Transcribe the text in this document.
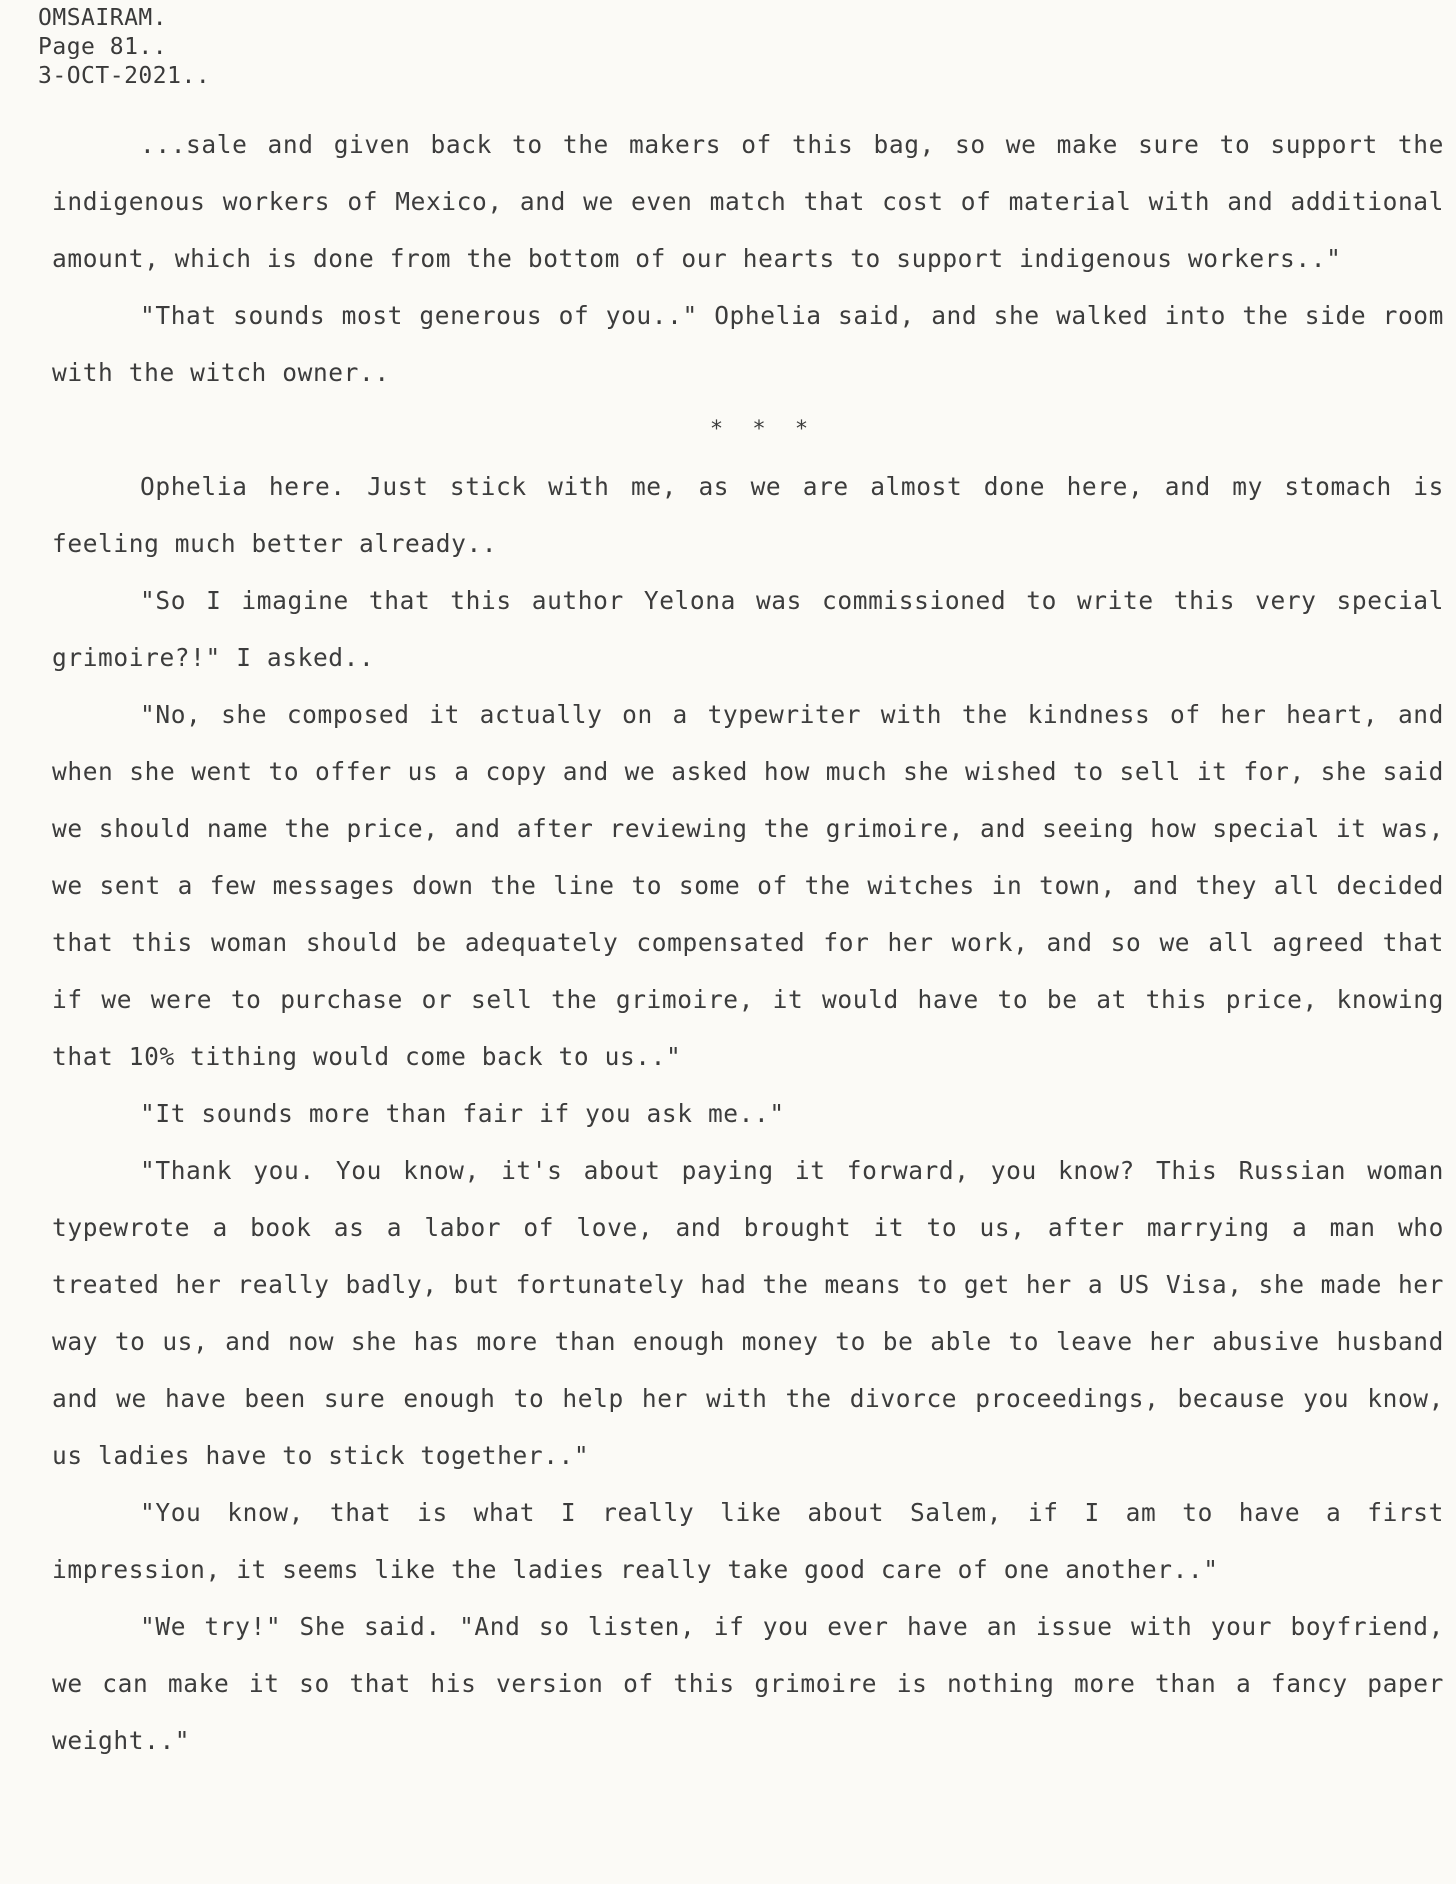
OMSAIRAM.
Page 81..
3-OCT-2021..

...sale and given back to the makers of this bag, so we make sure to support the indigenous workers of Mexico, and we even match that cost of material with and additional amount, which is done from the bottom of our hearts to support indigenous workers.."

"That sounds most generous of you.." Ophelia said, and she walked into the side room with the witch owner..

* * *

Ophelia here. Just stick with me, as we are almost done here, and my stomach is feeling much better already..

"So I imagine that this author Yelona was commissioned to write this very special grimoire?!" I asked..

"No, she composed it actually on a typewriter with the kindness of her heart, and when she went to offer us a copy and we asked how much she wished to sell it for, she said we should name the price, and after reviewing the grimoire, and seeing how special it was, we sent a few messages down the line to some of the witches in town, and they all decided that this woman should be adequately compensated for her work, and so we all agreed that if we were to purchase or sell the grimoire, it would have to be at this price, knowing that 10% tithing would come back to us.."

"It sounds more than fair if you ask me.."

"Thank you. You know, it's about paying it forward, you know? This Russian woman typewrote a book as a labor of love, and brought it to us, after marrying a man who treated her really badly, but fortunately had the means to get her a US Visa, she made her way to us, and now she has more than enough money to be able to leave her abusive husband and we have been sure enough to help her with the divorce proceedings, because you know, us ladies have to stick together.."

"You know, that is what I really like about Salem, if I am to have a first impression, it seems like the ladies really take good care of one another.."

"We try!" She said. "And so listen, if you ever have an issue with your boyfriend, we can make it so that his version of this grimoire is nothing more than a fancy paper weight.."
